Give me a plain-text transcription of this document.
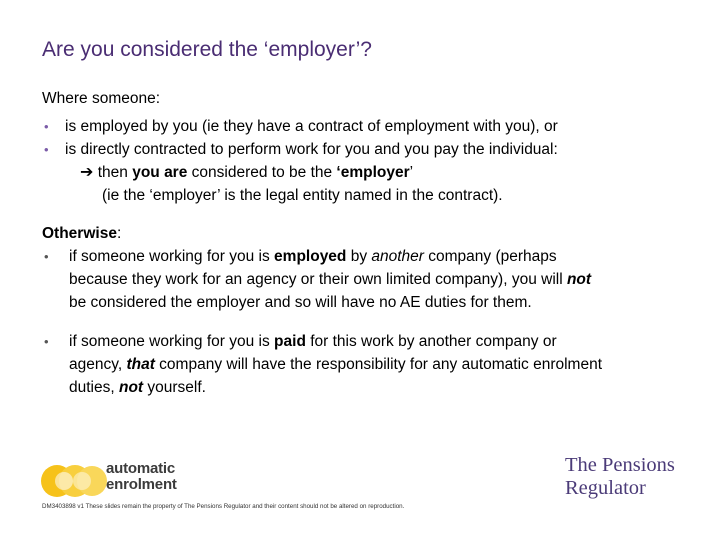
Are you considered the ‘employer’?

Where someone:

• is employed by you (ie they have a contract of employment with you), or

• is directly contracted to perform work for you and you pay the individual:

➔ then you are considered to be the ‘employer’

(ie the ‘employer’ is the legal entity named in the contract).

Otherwise:

• if someone working for you is employed by another company (perhaps

because they work for an agency or their own limited company), you will not

be considered the employer and so will have no AE duties for them.

• if someone working for you is paid for this work by another company or

agency, that company will have the responsibility for any automatic enrolment

duties, not yourself.

automatic
enrolment
The Pensions
Regulator
DM3403898 v1 These slides remain the property of The Pensions Regulator and their content should not be altered on reproduction.
